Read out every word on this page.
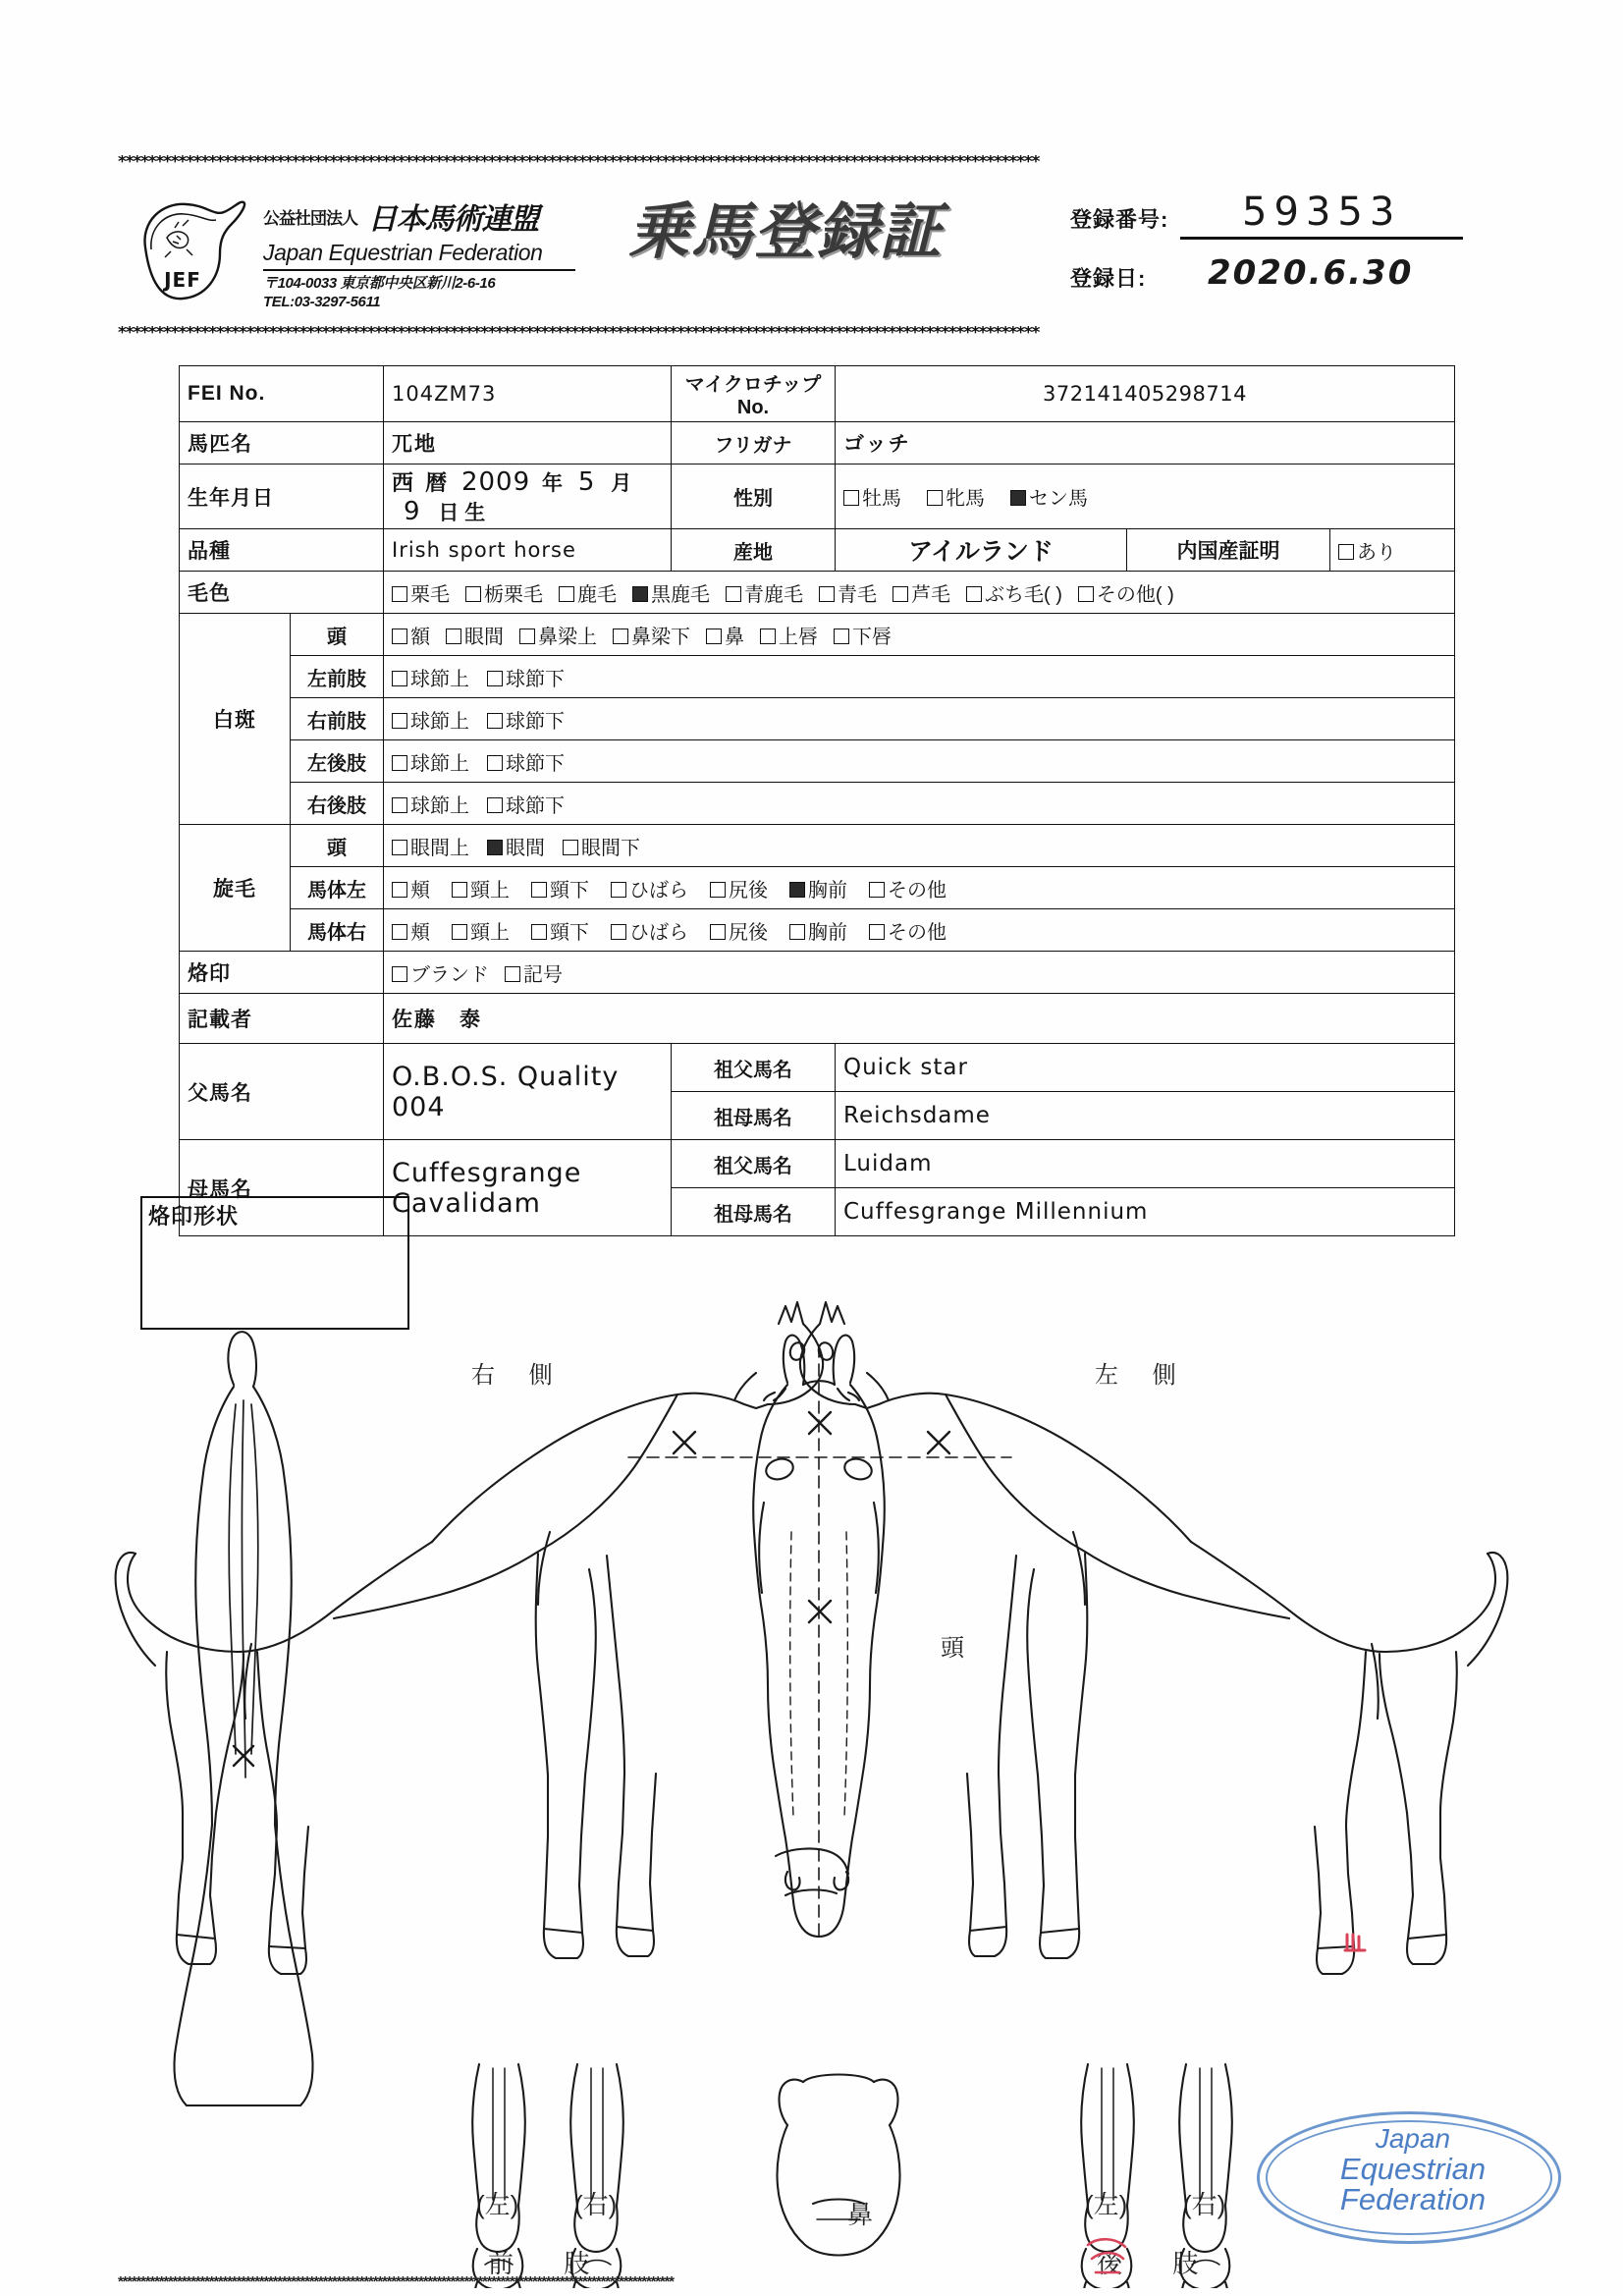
**************************************************************************************************************************
**************************************************************************************************************************
JEF
公益社団法人 日本馬術連盟
Japan Equestrian Federation
〒104-0033 東京都中央区新川2-6-16
TEL:03-3297-5611
乗馬登録証	登録番号:	59353
登録日:	2020.6.30
FEI No.		104ZM73	マイクロチップNo.	372141405298714		
馬匹名		兀地	フリガナ	ゴッチ		
生年月日		西 暦 2009 年 5 月 9 日 生	性別	牡馬 牝馬 セン馬		

品種		Irish sport horse	産地	アイルランド	内国産証明	あり
毛色	栗毛	栃栗毛	鹿毛	黒鹿毛	青鹿毛	青毛	芦毛	ぶち毛( )	その他( )

白斑	頭	額	眼間	鼻梁上	鼻梁下	鼻	上唇	下唇

	左前肢	球節上 球節下				

	右前肢	球節上 球節下				

	左後肢	球節上 球節下				

	右後肢	球節上 球節下				

旋毛	頭	眼間上 眼間 眼間下				

馬体左	頬	頸上	頸下	ひばら	尻後	胸前	その他

馬体右	頬	頸上	頸下	ひばら	尻後	胸前	その他

烙印		ブランド 記号				

記載者		佐藤　泰				
父馬名		O.B.O.S. Quality 004	祖父馬名	Quick star		
			祖母馬名	Reichsdame		
母馬名		Cuffesgrange Cavalidam	祖父馬名	Luidam		
			祖母馬名	Cuffesgrange Millennium		
烙印形状
右 側	左 側
頭
鼻
(左) (右)
前 肢
(左) (右)
後 肢
Japan
Equestrian
Federation
**************************************************************************************************************************
